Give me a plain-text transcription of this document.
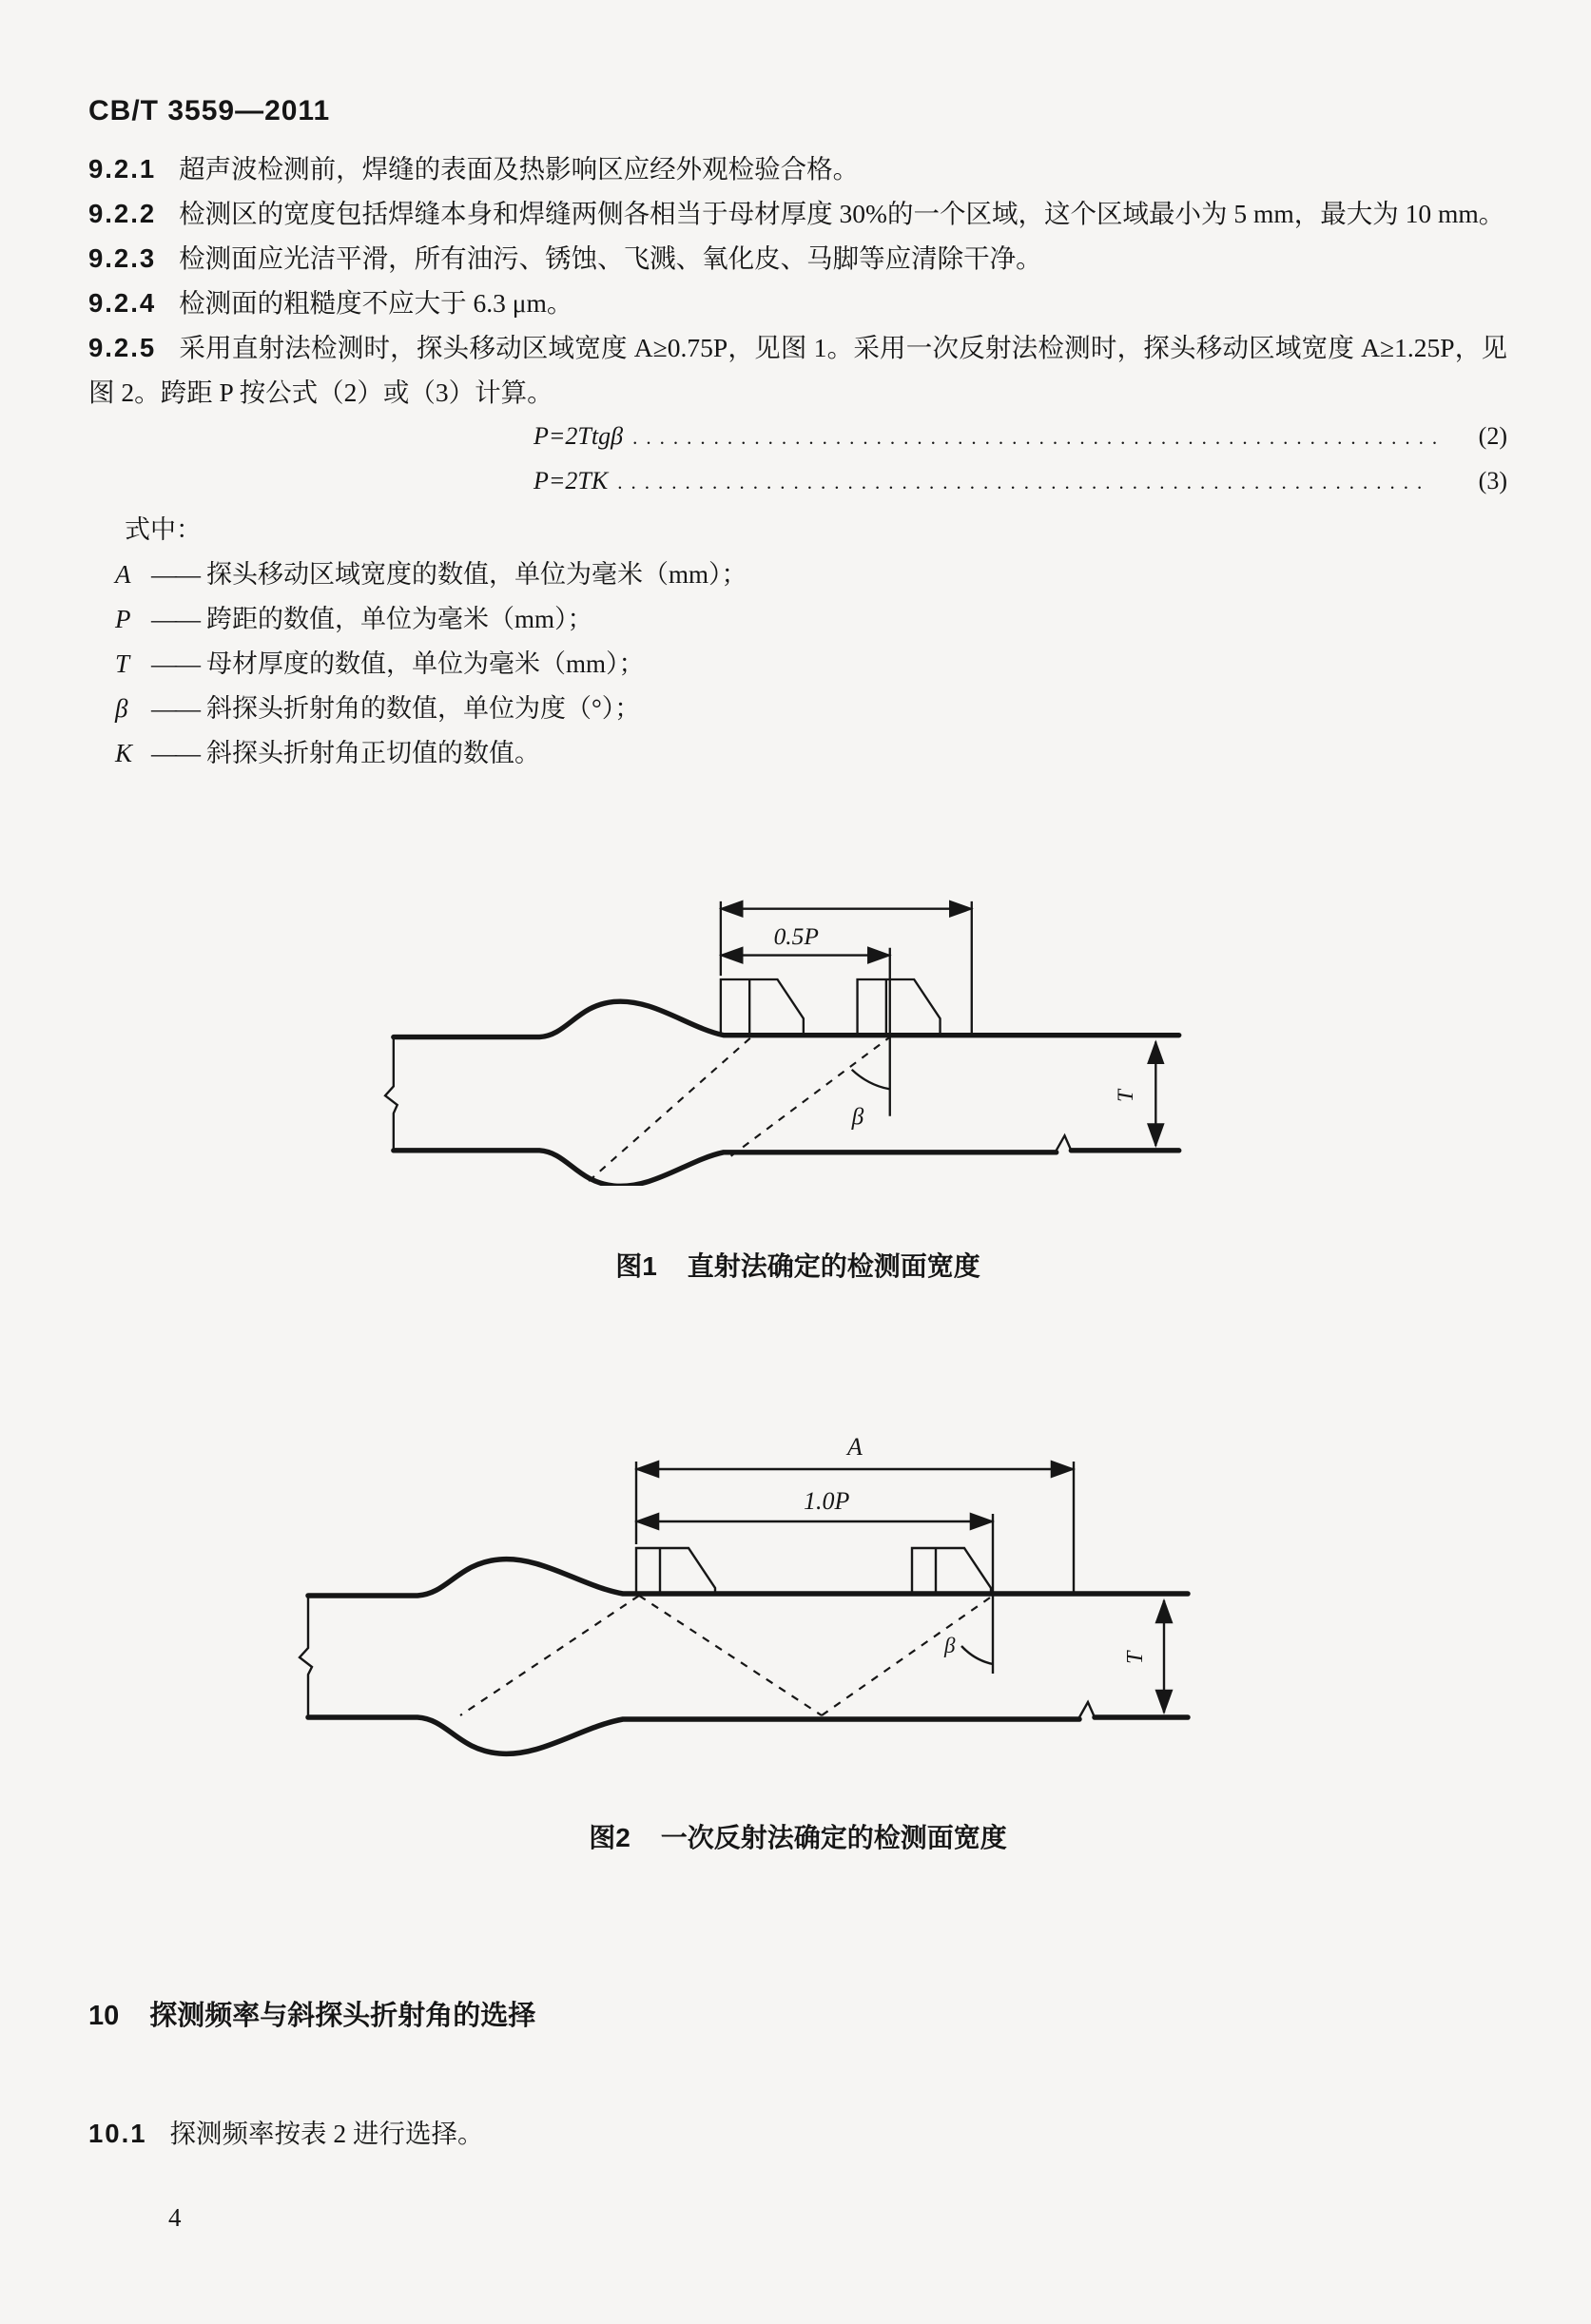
CB/T 3559—2011

9.2.1 超声波检测前，焊缝的表面及热影响区应经外观检验合格。

9.2.2 检测区的宽度包括焊缝本身和焊缝两侧各相当于母材厚度 30%的一个区域，这个区域最小为 5 mm，最大为 10 mm。

9.2.3 检测面应光洁平滑，所有油污、锈蚀、飞溅、氧化皮、马脚等应清除干净。

9.2.4 检测面的粗糙度不应大于 6.3 μm。

9.2.5 采用直射法检测时，探头移动区域宽度 A≥0.75P，见图 1。采用一次反射法检测时，探头移动区域宽度 A≥1.25P，见图 2。跨距 P 按公式（2）或（3）计算。

P=2Ttgβ ............................................................	(2)
P=2TK ............................................................	(3)

式中：

A —— 探头移动区域宽度的数值，单位为毫米（mm）；
P —— 跨距的数值，单位为毫米（mm）；
T —— 母材厚度的数值，单位为毫米（mm）；
β —— 斜探头折射角的数值，单位为度（°）；
K —— 斜探头折射角正切值的数值。
0.5P
β
T
图1 直射法确定的检测面宽度
A
1.0P
β
T
图2 一次反射法确定的检测面宽度
10 探测频率与斜探头折射角的选择

10.1 探测频率按表 2 进行选择。

4
